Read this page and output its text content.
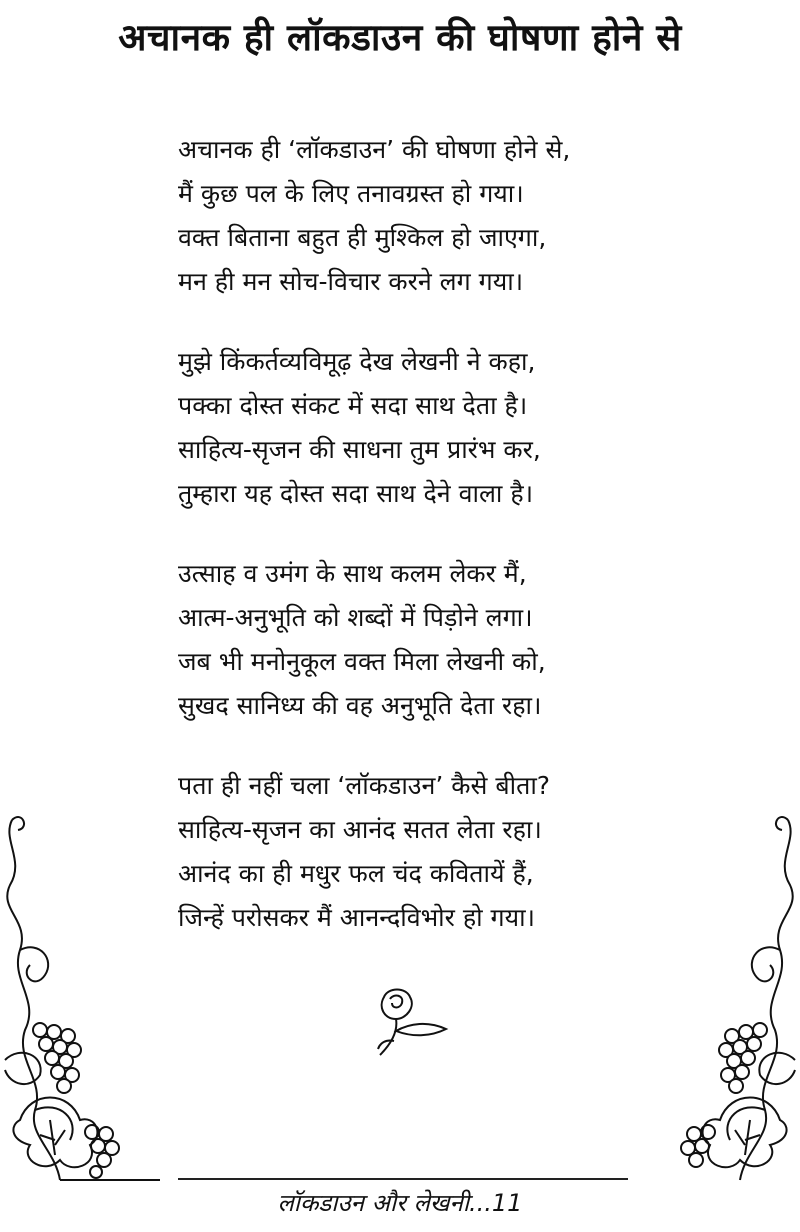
अचानक ही लॉकडाउन की घोषणा होने से
अचानक ही ‘लॉकडाउन’ की घोषणा होने से,
मैं कुछ पल के लिए तनावग्रस्त हो गया।
वक्त बिताना बहुत ही मुश्किल हो जाएगा,
मन ही मन सोच-विचार करने लग गया।
मुझे किंकर्तव्यविमूढ़ देख लेखनी ने कहा,
पक्का दोस्त संकट में सदा साथ देता है।
साहित्य-सृजन की साधना तुम प्रारंभ कर,
तुम्हारा यह दोस्त सदा साथ देने वाला है।
उत्साह व उमंग के साथ कलम लेकर मैं,
आत्म-अनुभूति को शब्दों में पिड़ोने लगा।
जब भी मनोनुकूल वक्त मिला लेखनी को,
सुखद सानिध्य की वह अनुभूति देता रहा।
पता ही नहीं चला ‘लॉकडाउन’ कैसे बीता?
साहित्य-सृजन का आनंद सतत लेता रहा।
आनंद का ही मधुर फल चंद कवितायें हैं,
जिन्हें परोसकर मैं आनन्दविभोर हो गया।
लॉकडाउन और लेखनी...11
